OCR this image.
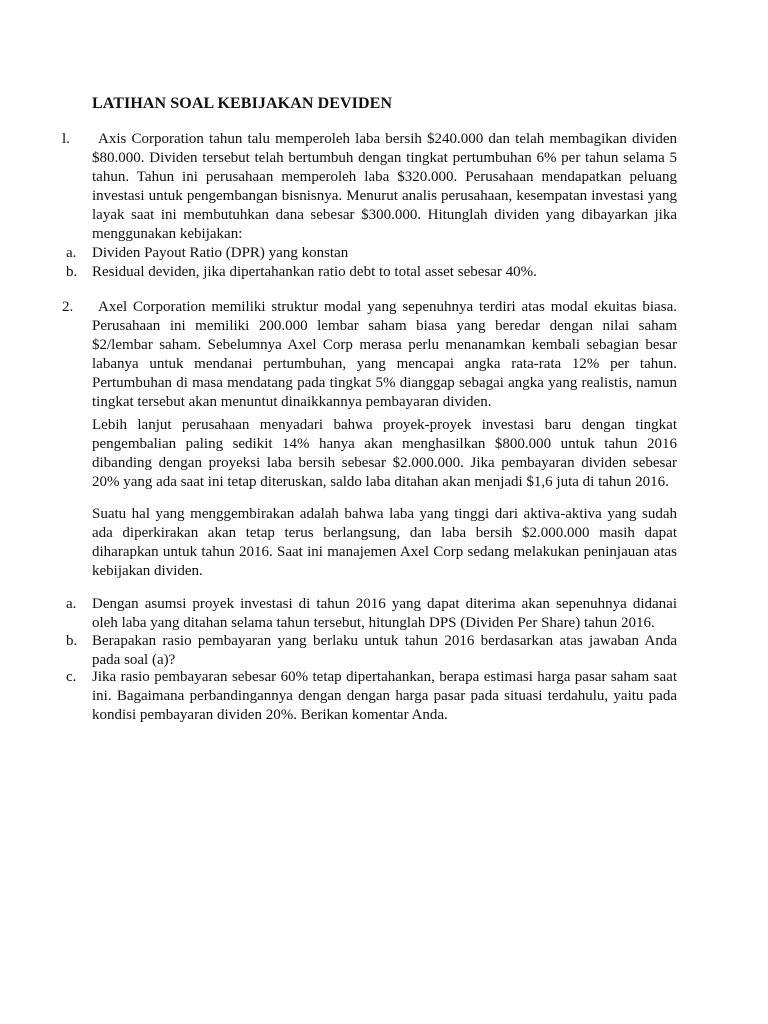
LATIHAN SOAL KEBIJAKAN DEVIDEN
l.	Axis Corporation tahun talu memperoleh laba bersih $240.000 dan telah membagikan dividen $80.000. Dividen tersebut telah bertumbuh dengan tingkat pertumbuhan 6% per tahun selama 5 tahun. Tahun ini perusahaan memperoleh laba $320.000. Perusahaan mendapatkan peluang investasi untuk pengembangan bisnisnya. Menurut analis perusahaan, kesempatan investasi yang layak saat ini membutuhkan dana sebesar $300.000. Hitunglah dividen yang dibayarkan jika menggunakan kebijakan:

a. Dividen Payout Ratio (DPR) yang konstan

b. Residual deviden, jika dipertahankan ratio debt to total asset sebesar 40%.

2.	Axel Corporation memiliki struktur modal yang sepenuhnya terdiri atas modal ekuitas biasa. Perusahaan ini memiliki 200.000 lembar saham biasa yang beredar dengan nilai saham $2/lembar saham. Sebelumnya Axel Corp merasa perlu menanamkan kembali sebagian besar labanya untuk mendanai pertumbuhan, yang mencapai angka rata-rata 12% per tahun. Pertumbuhan di masa mendatang pada tingkat 5% dianggap sebagai angka yang realistis, namun tingkat tersebut akan menuntut dinaikkannya pembayaran dividen.

Lebih lanjut perusahaan menyadari bahwa proyek-proyek investasi baru dengan tingkat pengembalian paling sedikit 14% hanya akan menghasilkan $800.000 untuk tahun 2016 dibanding dengan proyeksi laba bersih sebesar $2.000.000. Jika pembayaran dividen sebesar 20% yang ada saat ini tetap diteruskan, saldo laba ditahan akan menjadi $1,6 juta di tahun 2016.

Suatu hal yang menggembirakan adalah bahwa laba yang tinggi dari aktiva-aktiva yang sudah ada diperkirakan akan tetap terus berlangsung, dan laba bersih $2.000.000 masih dapat diharapkan untuk tahun 2016. Saat ini manajemen Axel Corp sedang melakukan peninjauan atas kebijakan dividen.

a. Dengan asumsi proyek investasi di tahun 2016 yang dapat diterima akan sepenuhnya didanai oleh laba yang ditahan selama tahun tersebut, hitunglah DPS (Dividen Per Share) tahun 2016.

b. Berapakan rasio pembayaran yang berlaku untuk tahun 2016 berdasarkan atas jawaban Anda pada soal (a)?

c. Jika rasio pembayaran sebesar 60% tetap dipertahankan, berapa estimasi harga pasar saham saat ini. Bagaimana perbandingannya dengan dengan harga pasar pada situasi terdahulu, yaitu pada kondisi pembayaran dividen 20%. Berikan komentar Anda.
